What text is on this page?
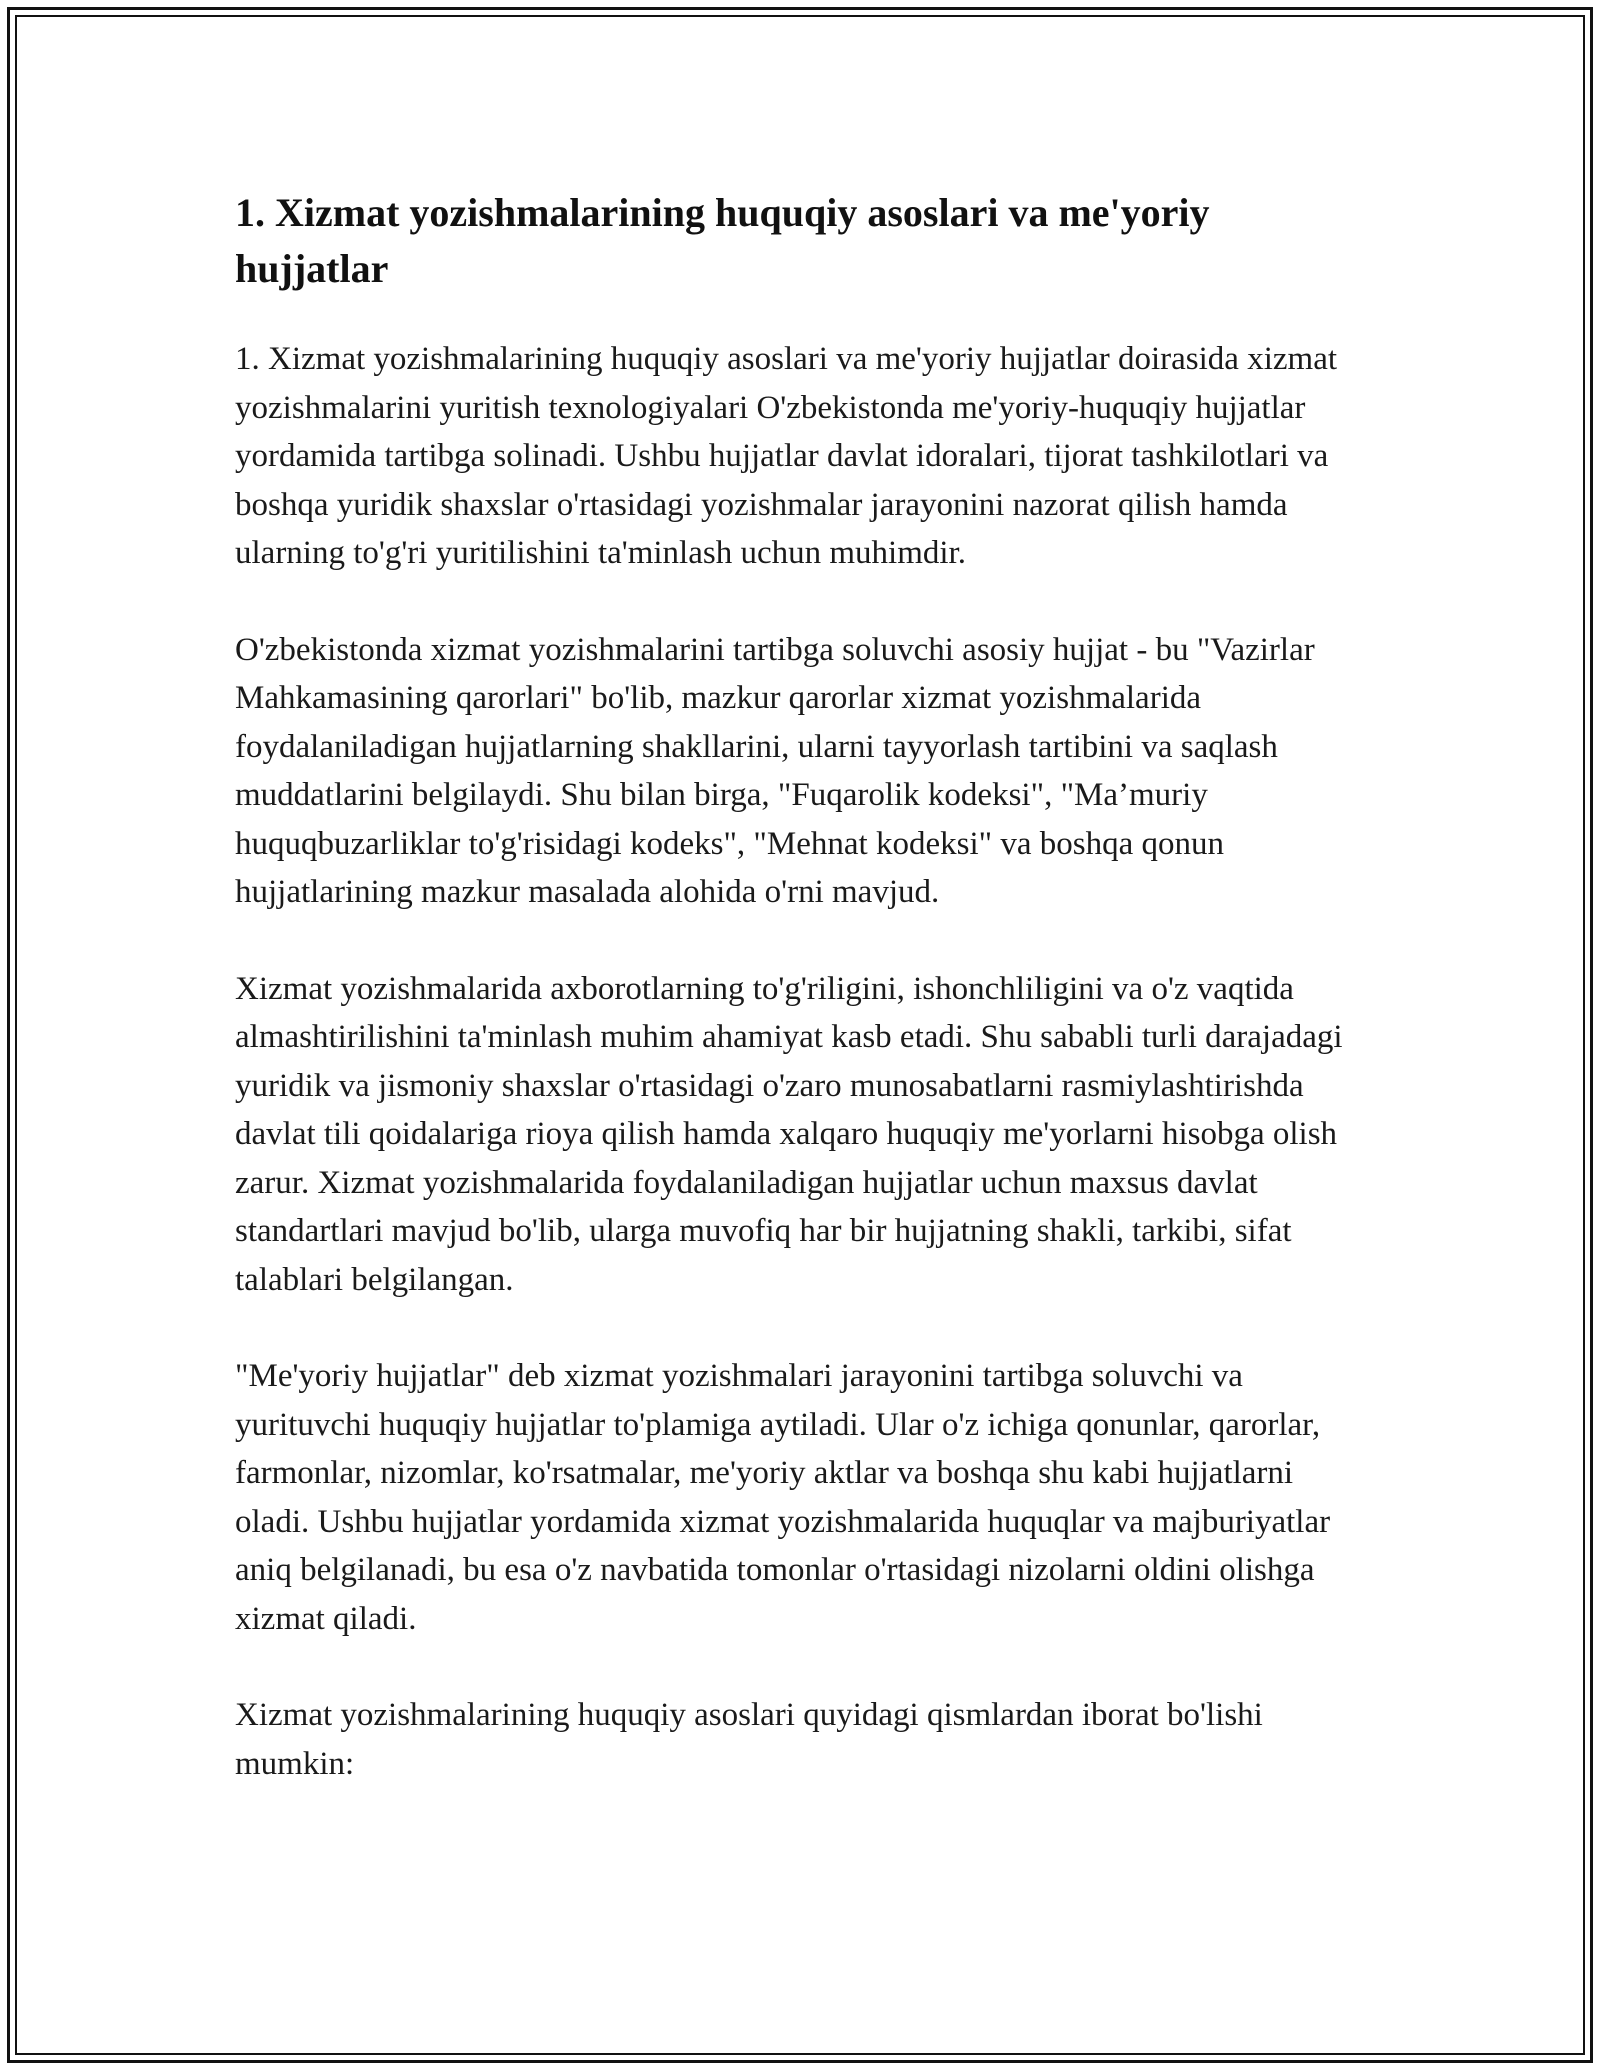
1. Xizmat yozishmalarining huquqiy asoslari va me'yoriy hujjatlar

1. Xizmat yozishmalarining huquqiy asoslari va me'yoriy hujjatlar doirasida xizmat yozishmalarini yuritish texnologiyalari O'zbekistonda me'yoriy-huquqiy hujjatlar yordamida tartibga solinadi. Ushbu hujjatlar davlat idoralari, tijorat tashkilotlari va boshqa yuridik shaxslar o'rtasidagi yozishmalar jarayonini nazorat qilish hamda ularning to'g'ri yuritilishini ta'minlash uchun muhimdir.

O'zbekistonda xizmat yozishmalarini tartibga soluvchi asosiy hujjat - bu "Vazirlar Mahkamasining qarorlari" bo'lib, mazkur qarorlar xizmat yozishmalarida foydalaniladigan hujjatlarning shakllarini, ularni tayyorlash tartibini va saqlash muddatlarini belgilaydi. Shu bilan birga, "Fuqarolik kodeksi", "Ma’muriy huquqbuzarliklar to'g'risidagi kodeks", "Mehnat kodeksi" va boshqa qonun hujjatlarining mazkur masalada alohida o'rni mavjud.

Xizmat yozishmalarida axborotlarning to'g'riligini, ishonchliligini va o'z vaqtida almashtirilishini ta'minlash muhim ahamiyat kasb etadi. Shu sababli turli darajadagi yuridik va jismoniy shaxslar o'rtasidagi o'zaro munosabatlarni rasmiylashtirishda davlat tili qoidalariga rioya qilish hamda xalqaro huquqiy me'yorlarni hisobga olish zarur. Xizmat yozishmalarida foydalaniladigan hujjatlar uchun maxsus davlat standartlari mavjud bo'lib, ularga muvofiq har bir hujjatning shakli, tarkibi, sifat talablari belgilangan.

"Me'yoriy hujjatlar" deb xizmat yozishmalari jarayonini tartibga soluvchi va yurituvchi huquqiy hujjatlar to'plamiga aytiladi. Ular o'z ichiga qonunlar, qarorlar, farmonlar, nizomlar, ko'rsatmalar, me'yoriy aktlar va boshqa shu kabi hujjatlarni oladi. Ushbu hujjatlar yordamida xizmat yozishmalarida huquqlar va majburiyatlar aniq belgilanadi, bu esa o'z navbatida tomonlar o'rtasidagi nizolarni oldini olishga xizmat qiladi.

Xizmat yozishmalarining huquqiy asoslari quyidagi qismlardan iborat bo'lishi mumkin:
